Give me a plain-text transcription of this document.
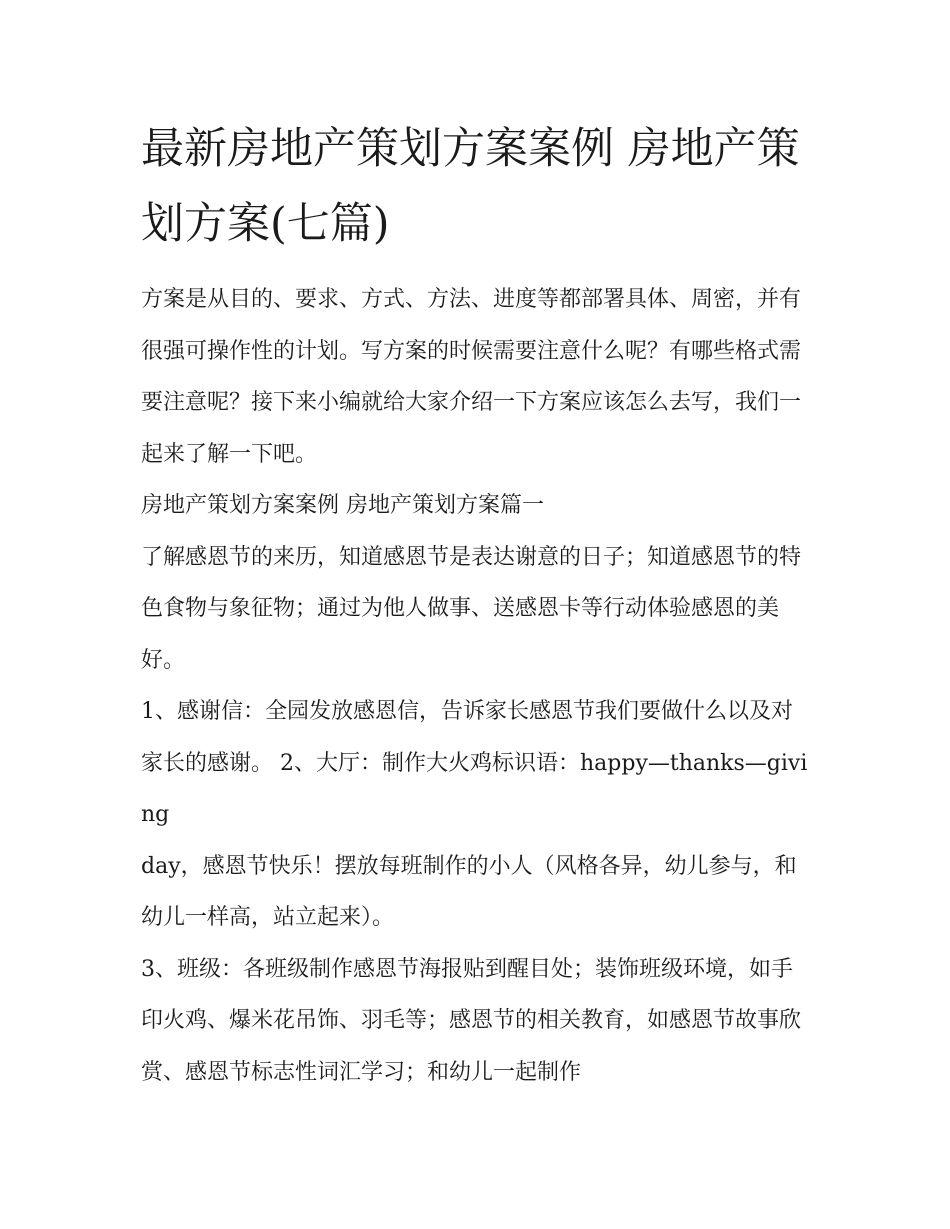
最新房地产策划方案案例 房地产策划方案(七篇)

方案是从目的、要求、方式、方法、进度等都部署具体、周密，并有很强可操作性的计划。写方案的时候需要注意什么呢？有哪些格式需要注意呢？接下来小编就给大家介绍一下方案应该怎么去写，我们一起来了解一下吧。

房地产策划方案案例 房地产策划方案篇一

了解感恩节的来历，知道感恩节是表达谢意的日子；知道感恩节的特色食物与象征物；通过为他人做事、送感恩卡等行动体验感恩的美好。

1、感谢信：全园发放感恩信，告诉家长感恩节我们要做什么以及对家长的感谢。 2、大厅：制作大火鸡标识语：happy—thanks—giving

day，感恩节快乐！摆放每班制作的小人（风格各异，幼儿参与，和幼儿一样高，站立起来）。

3、班级：各班级制作感恩节海报贴到醒目处；装饰班级环境，如手印火鸡、爆米花吊饰、羽毛等；感恩节的相关教育，如感恩节故事欣赏、感恩节标志性词汇学习；和幼儿一起制作
